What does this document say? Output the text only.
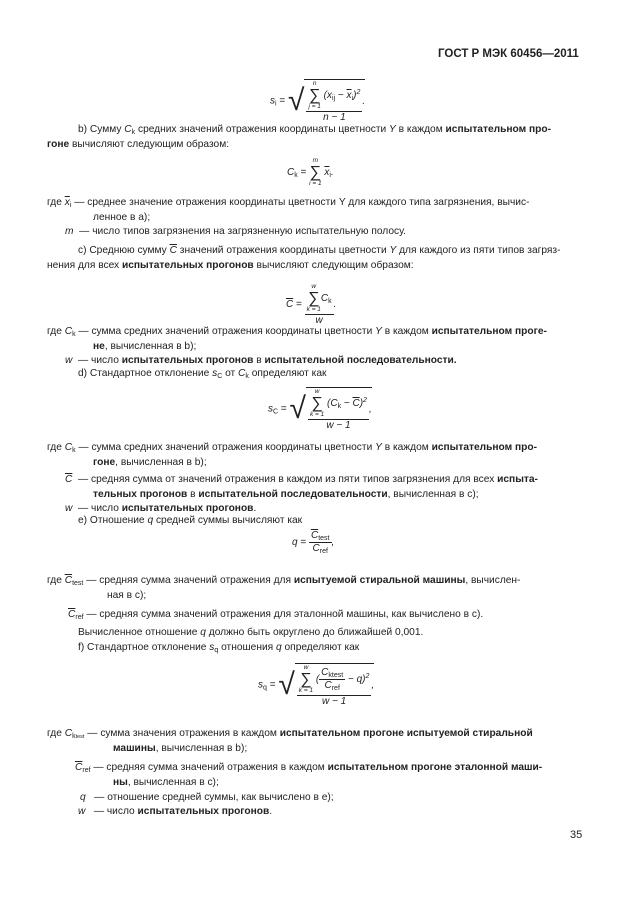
ГОСТ Р МЭК 60456—2011
$s_i$ = √ n
∑
j = 1
$(x_{ij} - \overline{x}_i)^2$
n − 1 .
b) Сумму $C_k$ средних значений отражения координаты цветности Y в каждом испытательном про-
гоне вычисляют следующим образом:
$C_k$ =
m
∑
i = 1
$\overline{x}_i$.
где $\overline{x}_i$ — среднее значение отражения координаты цветности Y для каждого типа загрязнения, вычис-
ленное в a);
m — число типов загрязнения на загрязненную испытательную полосу.
c) Среднюю сумму $\overline{C}$ значений отражения координаты цветности Y для каждого из пяти типов загряз-
нения для всех испытательных прогонов вычисляют следующим образом:
$\overline{C} = w$
∑
k = 1
$C_k$
w .
где $C_k$ — сумма средних значений отражения координаты цветности Y в каждом испытательном проге-
не, вычисленная в b);
w — число испытательных прогонов в испытательной последовательности.
d) Стандартное отклонение $s_C$ от $C_k$ определяют как
$s_C$ = √ w
∑
k = 1
$(C_k - \overline{C})^2$
w − 1 ,
где $C_k$ — сумма средних значений отражения координаты цветности Y в каждом испытательном про-
гоне, вычисленная в b);
$\overline{C}$ — средняя сумма от значений отражения в каждом из пяти типов загрязнения для всех испыта-
тельных прогонов в испытательной последовательности, вычисленная в c);
w — число испытательных прогонов.
e) Отношение q средней суммы вычисляют как
$q = \frac{\overline{C}_{test}}{\overline{C}_{ref}}$ ,
где $\overline{C}_{test}$ — средняя сумма значений отражения для испытуемой стиральной машины, вычислен-
ная в c);
$\overline{C}_{ref}$ — средняя сумма значений отражения для эталонной машины, как вычислено в c).
Вычисленное отношение q должно быть округлено до ближайшей 0,001.
f) Стандартное отклонение $s_q$ отношения q определяют как
$s_q$ = √ w
∑
k = 1
( $\frac{C_{ktest}}{\overline{C}_{ref}} - q)^2$
w − 1 ,
где $C_{ktest}$ — сумма значения отражения в каждом испытательном прогоне испытуемой стиральной
машины, вычисленная в b);
$\overline{C}_{ref}$ — средняя сумма значений отражения в каждом испытательном прогоне эталонной маши-
ны, вычисленная в c);
q — отношение средней суммы, как вычислено в e);
w — число испытательных прогонов.
35
